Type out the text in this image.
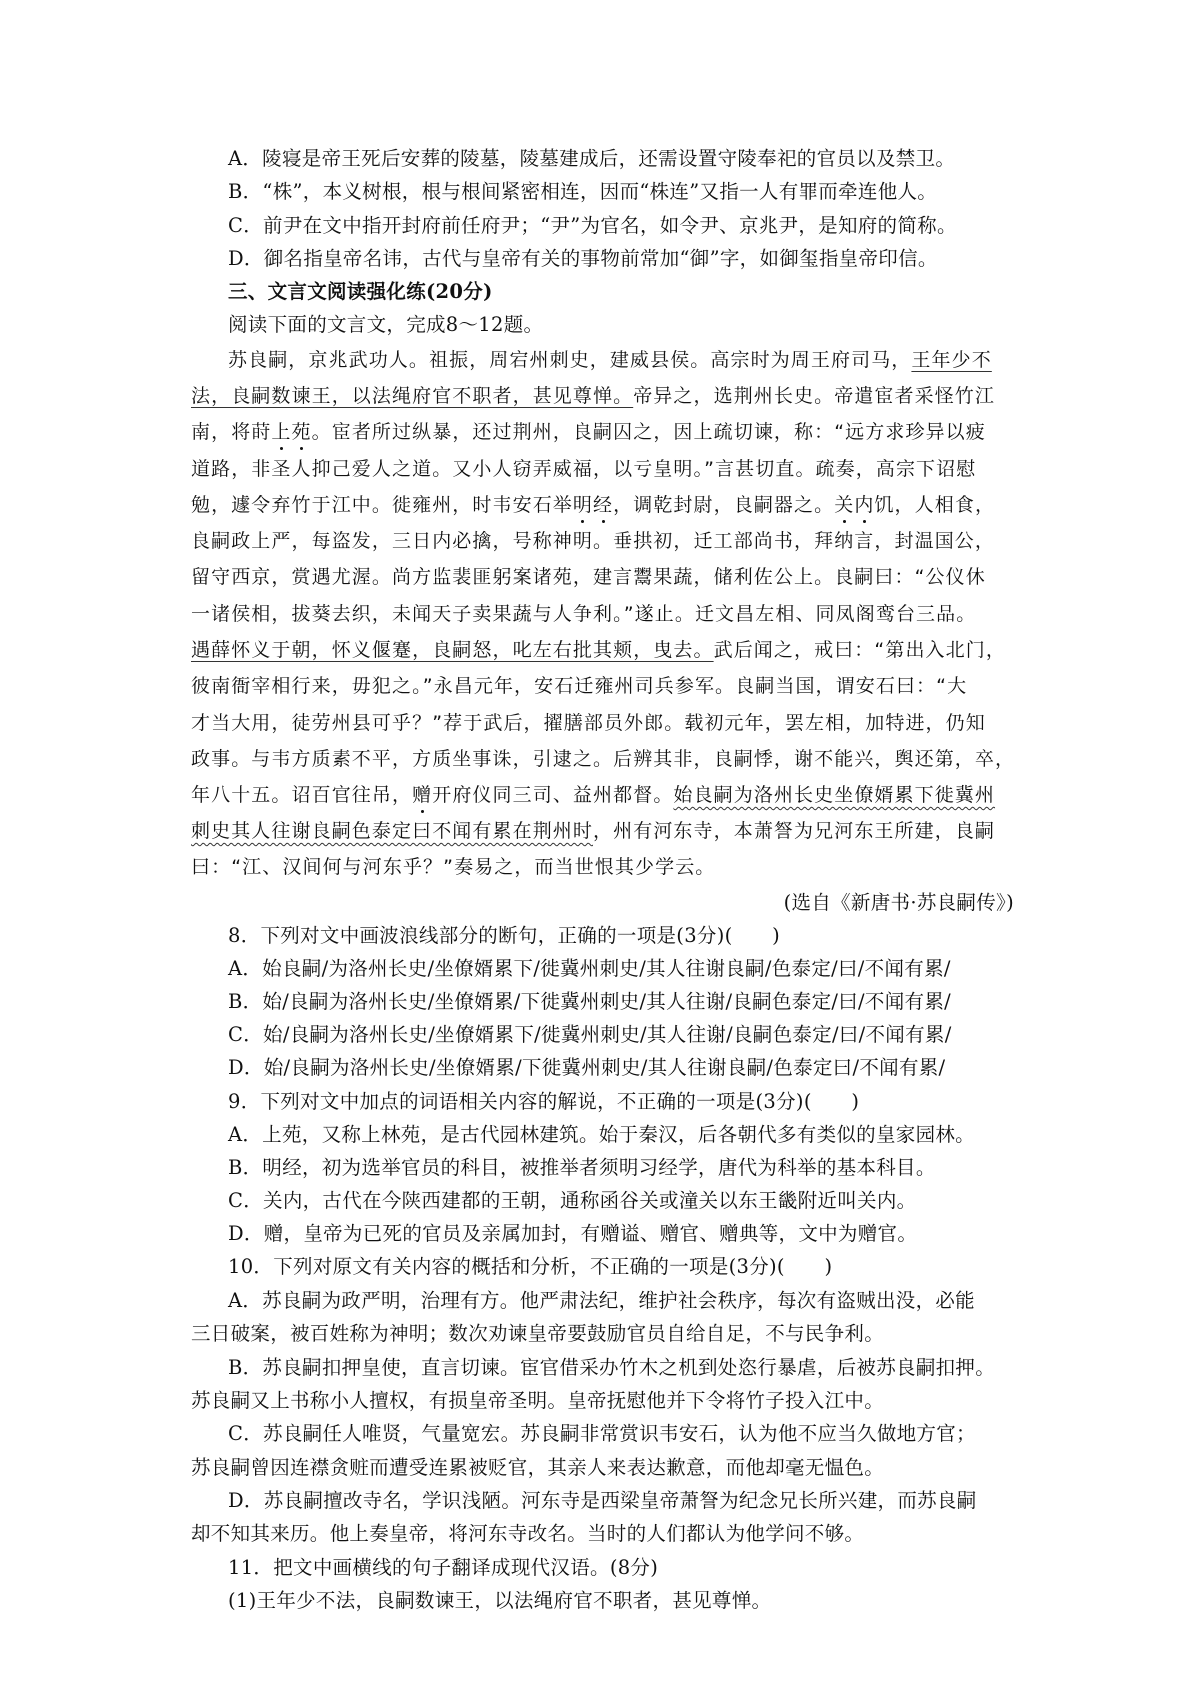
A．陵寝是帝王死后安葬的陵墓，陵墓建成后，还需设置守陵奉祀的官员以及禁卫。
B．“株”，本义树根，根与根间紧密相连，因而“株连”又指一人有罪而牵连他人。
C．前尹在文中指开封府前任府尹；“尹”为官名，如令尹、京兆尹，是知府的简称。
D．御名指皇帝名讳，古代与皇帝有关的事物前常加“御”字，如御玺指皇帝印信。
三、文言文阅读强化练(20分)
阅读下面的文言文，完成8～12题。
苏良嗣，京兆武功人。祖振，周宕州刺史，建威县侯。高宗时为周王府司马，王年少不
法，良嗣数谏王，以法绳府官不职者，甚见尊惮。帝异之，选荆州长史。帝遣宦者采怪竹江
南，将莳上苑。宦者所过纵暴，还过荆州，良嗣囚之，因上疏切谏，称：“远方求珍异以疲
道路，非圣人抑己爱人之道。又小人窃弄威福，以亏皇明。”言甚切直。疏奏，高宗下诏慰
勉，遽令弃竹于江中。徙雍州，时韦安石举明经，调乾封尉，良嗣器之。关内饥，人相食，
良嗣政上严，每盗发，三日内必擒，号称神明。垂拱初，迁工部尚书，拜纳言，封温国公，
留守西京，赏遇尤渥。尚方监裴匪躬案诸苑，建言鬻果蔬，储利佐公上。良嗣曰：“公仪休
一诸侯相，拔葵去织，未闻天子卖果蔬与人争利。”遂止。迁文昌左相、同凤阁鸾台三品。
遇薛怀义于朝，怀义偃蹇，良嗣怒，叱左右批其颊，曳去。武后闻之，戒曰：“第出入北门，
彼南衙宰相行来，毋犯之。”永昌元年，安石迁雍州司兵参军。良嗣当国，谓安石曰：“大
才当大用，徒劳州县可乎？”荐于武后，擢膳部员外郎。载初元年，罢左相，加特进，仍知
政事。与韦方质素不平，方质坐事诛，引逮之。后辨其非，良嗣悸，谢不能兴，舆还第，卒，
年八十五。诏百官往吊，赠开府仪同三司、益州都督。始良嗣为洛州长史坐僚婿累下徙冀州
刺史其人往谢良嗣色泰定曰不闻有累在荆州时，州有河东寺，本萧詧为兄河东王所建，良嗣
曰：“江、汉间何与河东乎？”奏易之，而当世恨其少学云。
(选自《新唐书·苏良嗣传》)
8．下列对文中画波浪线部分的断句，正确的一项是(3分)(　　)
A．始良嗣/为洛州长史/坐僚婿累下/徙冀州刺史/其人往谢良嗣/色泰定/曰/不闻有累/
B．始/良嗣为洛州长史/坐僚婿累/下徙冀州刺史/其人往谢/良嗣色泰定/曰/不闻有累/
C．始/良嗣为洛州长史/坐僚婿累下/徙冀州刺史/其人往谢/良嗣色泰定/曰/不闻有累/
D．始/良嗣为洛州长史/坐僚婿累/下徙冀州刺史/其人往谢良嗣/色泰定曰/不闻有累/
9．下列对文中加点的词语相关内容的解说，不正确的一项是(3分)(　　)
A．上苑，又称上林苑，是古代园林建筑。始于秦汉，后各朝代多有类似的皇家园林。
B．明经，初为选举官员的科目，被推举者须明习经学，唐代为科举的基本科目。
C．关内，古代在今陕西建都的王朝，通称函谷关或潼关以东王畿附近叫关内。
D．赠，皇帝为已死的官员及亲属加封，有赠谥、赠官、赠典等，文中为赠官。
10．下列对原文有关内容的概括和分析，不正确的一项是(3分)(　　)
A．苏良嗣为政严明，治理有方。他严肃法纪，维护社会秩序，每次有盗贼出没，必能
三日破案，被百姓称为神明；数次劝谏皇帝要鼓励官员自给自足，不与民争利。
B．苏良嗣扣押皇使，直言切谏。宦官借采办竹木之机到处恣行暴虐，后被苏良嗣扣押。
苏良嗣又上书称小人擅权，有损皇帝圣明。皇帝抚慰他并下令将竹子投入江中。
C．苏良嗣任人唯贤，气量宽宏。苏良嗣非常赏识韦安石，认为他不应当久做地方官；
苏良嗣曾因连襟贪赃而遭受连累被贬官，其亲人来表达歉意，而他却毫无愠色。
D．苏良嗣擅改寺名，学识浅陋。河东寺是西梁皇帝萧詧为纪念兄长所兴建，而苏良嗣
却不知其来历。他上奏皇帝，将河东寺改名。当时的人们都认为他学问不够。
11．把文中画横线的句子翻译成现代汉语。(8分)
(1)王年少不法，良嗣数谏王，以法绳府官不职者，甚见尊惮。
